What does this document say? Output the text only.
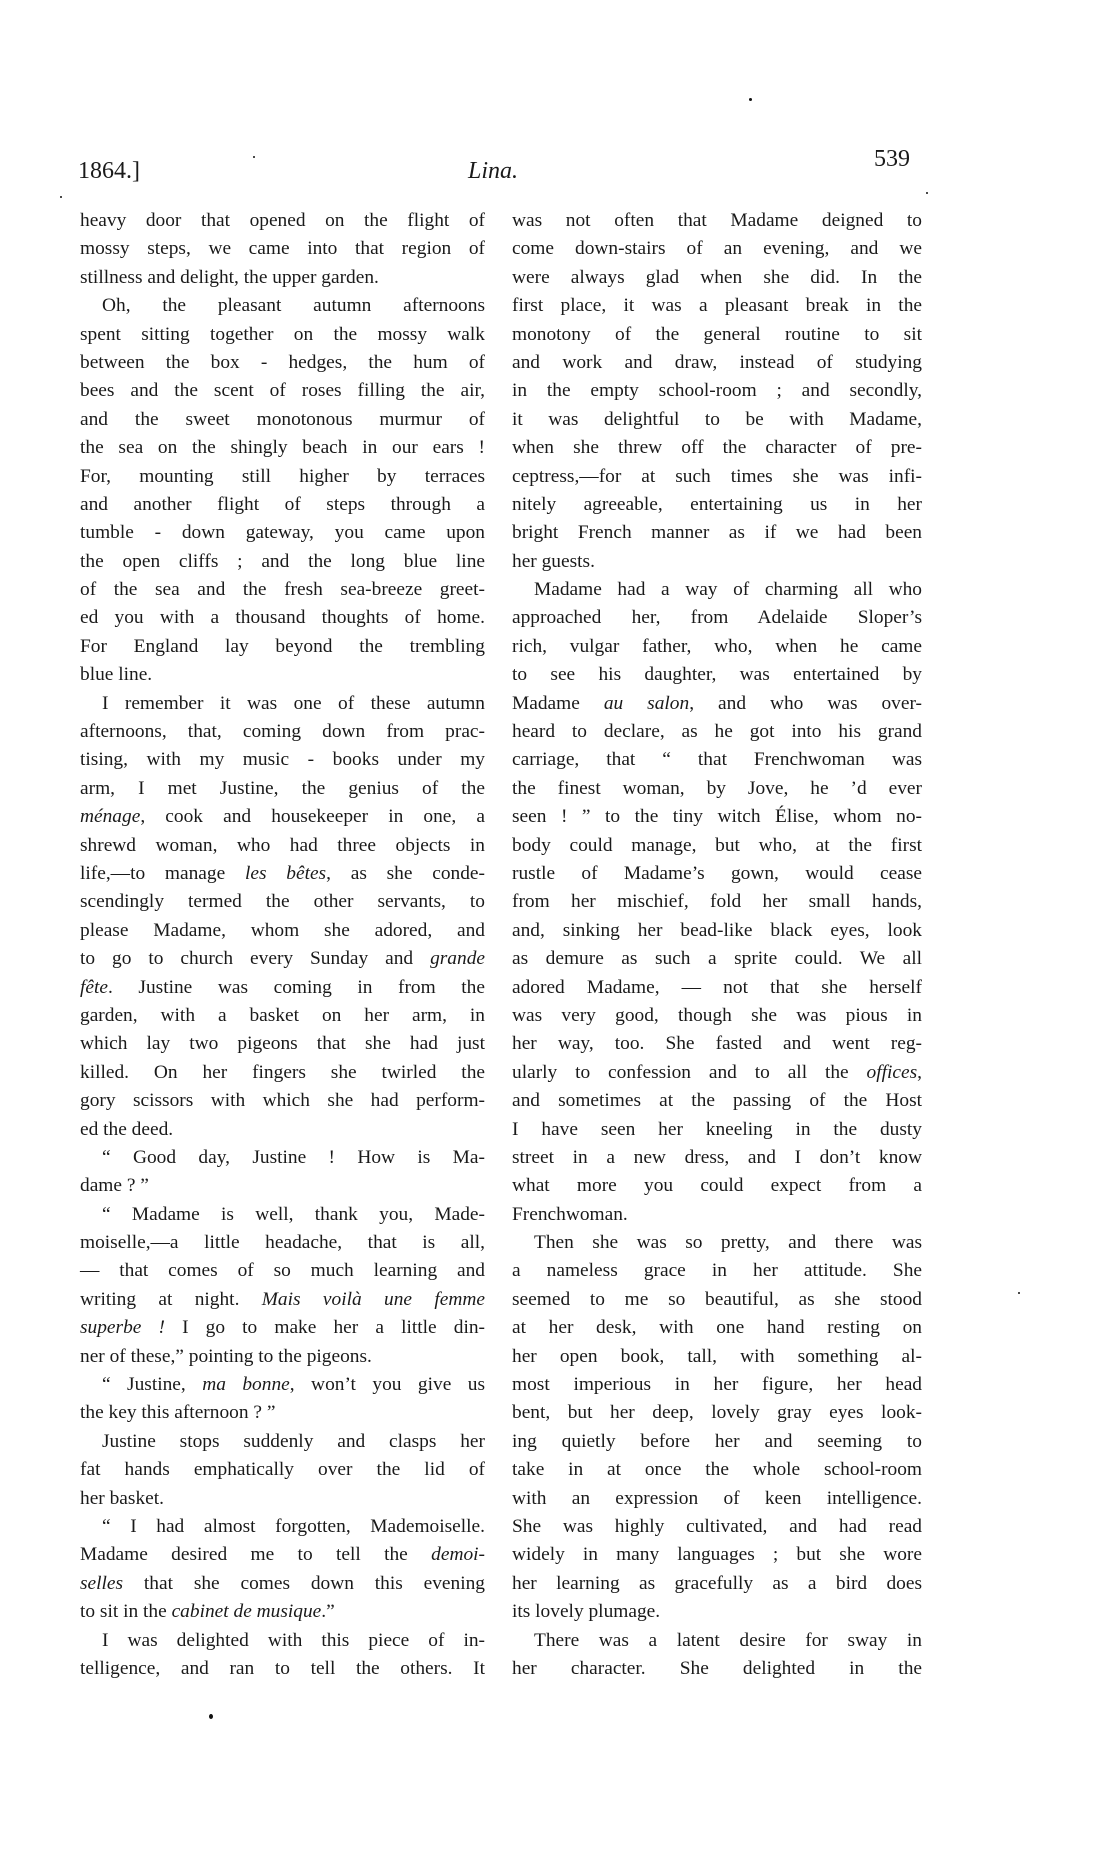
1864.]	Lina.	539
heavy door that opened on the flight of
mossy steps, we came into that region of
stillness and delight, the upper garden.
Oh, the pleasant autumn afternoons
spent sitting together on the mossy walk
between the box - hedges, the hum of
bees and the scent of roses filling the air,
and the sweet monotonous murmur of
the sea on the shingly beach in our ears !
For, mounting still higher by terraces
and another flight of steps through a
tumble - down gateway, you came upon
the open cliffs ; and the long blue line
of the sea and the fresh sea-breeze greet-
ed you with a thousand thoughts of home.
For England lay beyond the trembling
blue line.
I remember it was one of these autumn
afternoons, that, coming down from prac-
tising, with my music - books under my
arm, I met Justine, the genius of the
ménage, cook and housekeeper in one, a
shrewd woman, who had three objects in
life,—to manage les bêtes, as she conde-
scendingly termed the other servants, to
please Madame, whom she adored, and
to go to church every Sunday and grande
fête. Justine was coming in from the
garden, with a basket on her arm, in
which lay two pigeons that she had just
killed. On her fingers she twirled the
gory scissors with which she had perform-
ed the deed.
“ Good day, Justine ! How is Ma-
dame ? ”
“ Madame is well, thank you, Made-
moiselle,—a little headache, that is all,
— that comes of so much learning and
writing at night. Mais voilà une femme
superbe ! I go to make her a little din-
ner of these,” pointing to the pigeons.
“ Justine, ma bonne, won’t you give us
the key this afternoon ? ”
Justine stops suddenly and clasps her
fat hands emphatically over the lid of
her basket.
“ I had almost forgotten, Mademoiselle.
Madame desired me to tell the demoi-
selles that she comes down this evening
to sit in the cabinet de musique.”
I was delighted with this piece of in-
telligence, and ran to tell the others. It
was not often that Madame deigned to
come down-stairs of an evening, and we
were always glad when she did. In the
first place, it was a pleasant break in the
monotony of the general routine to sit
and work and draw, instead of studying
in the empty school-room ; and secondly,
it was delightful to be with Madame,
when she threw off the character of pre-
ceptress,—for at such times she was infi-
nitely agreeable, entertaining us in her
bright French manner as if we had been
her guests.
Madame had a way of charming all who
approached her, from Adelaide Sloper’s
rich, vulgar father, who, when he came
to see his daughter, was entertained by
Madame au salon, and who was over-
heard to declare, as he got into his grand
carriage, that “ that Frenchwoman was
the finest woman, by Jove, he ’d ever
seen ! ” to the tiny witch Élise, whom no-
body could manage, but who, at the first
rustle of Madame’s gown, would cease
from her mischief, fold her small hands,
and, sinking her bead-like black eyes, look
as demure as such a sprite could. We all
adored Madame, — not that she herself
was very good, though she was pious in
her way, too. She fasted and went reg-
ularly to confession and to all the offices,
and sometimes at the passing of the Host
I have seen her kneeling in the dusty
street in a new dress, and I don’t know
what more you could expect from a
Frenchwoman.
Then she was so pretty, and there was
a nameless grace in her attitude. She
seemed to me so beautiful, as she stood
at her desk, with one hand resting on
her open book, tall, with something al-
most imperious in her figure, her head
bent, but her deep, lovely gray eyes look-
ing quietly before her and seeming to
take in at once the whole school-room
with an expression of keen intelligence.
She was highly cultivated, and had read
widely in many languages ; but she wore
her learning as gracefully as a bird does
its lovely plumage.
There was a latent desire for sway in
her character. She delighted in the
